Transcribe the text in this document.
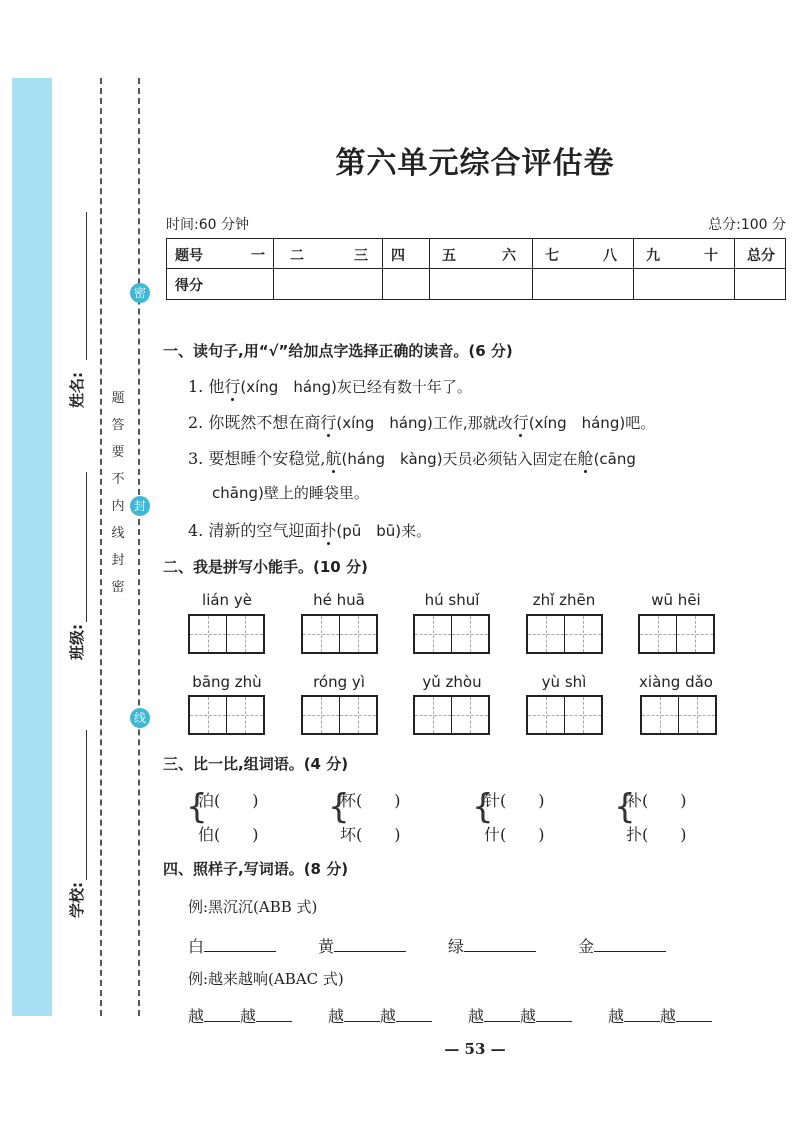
姓名:
班级:
学校:
密
封
线
题
答
要
不
内
线
封
密
第六单元综合评估卷
时间:60 分钟	总分:100 分
题号 一	二 三	四	五 六	七 八	九 十	总分
得分						
一、读句子,用“√”给加点字选择正确的读音。(6 分)
1. 他行(xíng　háng)灰已经有数十年了。
2. 你既然不想在商行(xíng　háng)工作,那就改行(xíng　háng)吧。
3. 要想睡个安稳觉,航(háng　kàng)天员必须钻入固定在舱(cāng
chāng)壁上的睡袋里。
4. 清新的空气迎面扑(pū　bū)来。
二、我是拼写小能手。(10 分)
lián yè	hé huā	hú shuǐ	zhǐ zhēn	wū hēi
bāng zhù	róng yì	yǔ zhòu	yù shì	xiàng dǎo
三、比一比,组词语。(4 分)
{
泊(　　)
伯(　　)
{
杯(　　)
坏(　　)
{
针(　　)
什(　　)
{
补(　　)
扑(　　)
四、照样子,写词语。(8 分)
例:黑沉沉(ABB 式)
白	黄	绿	金
例:越来越响(ABAC 式)
越 越	越 越	越 越	越 越
— 53 —
